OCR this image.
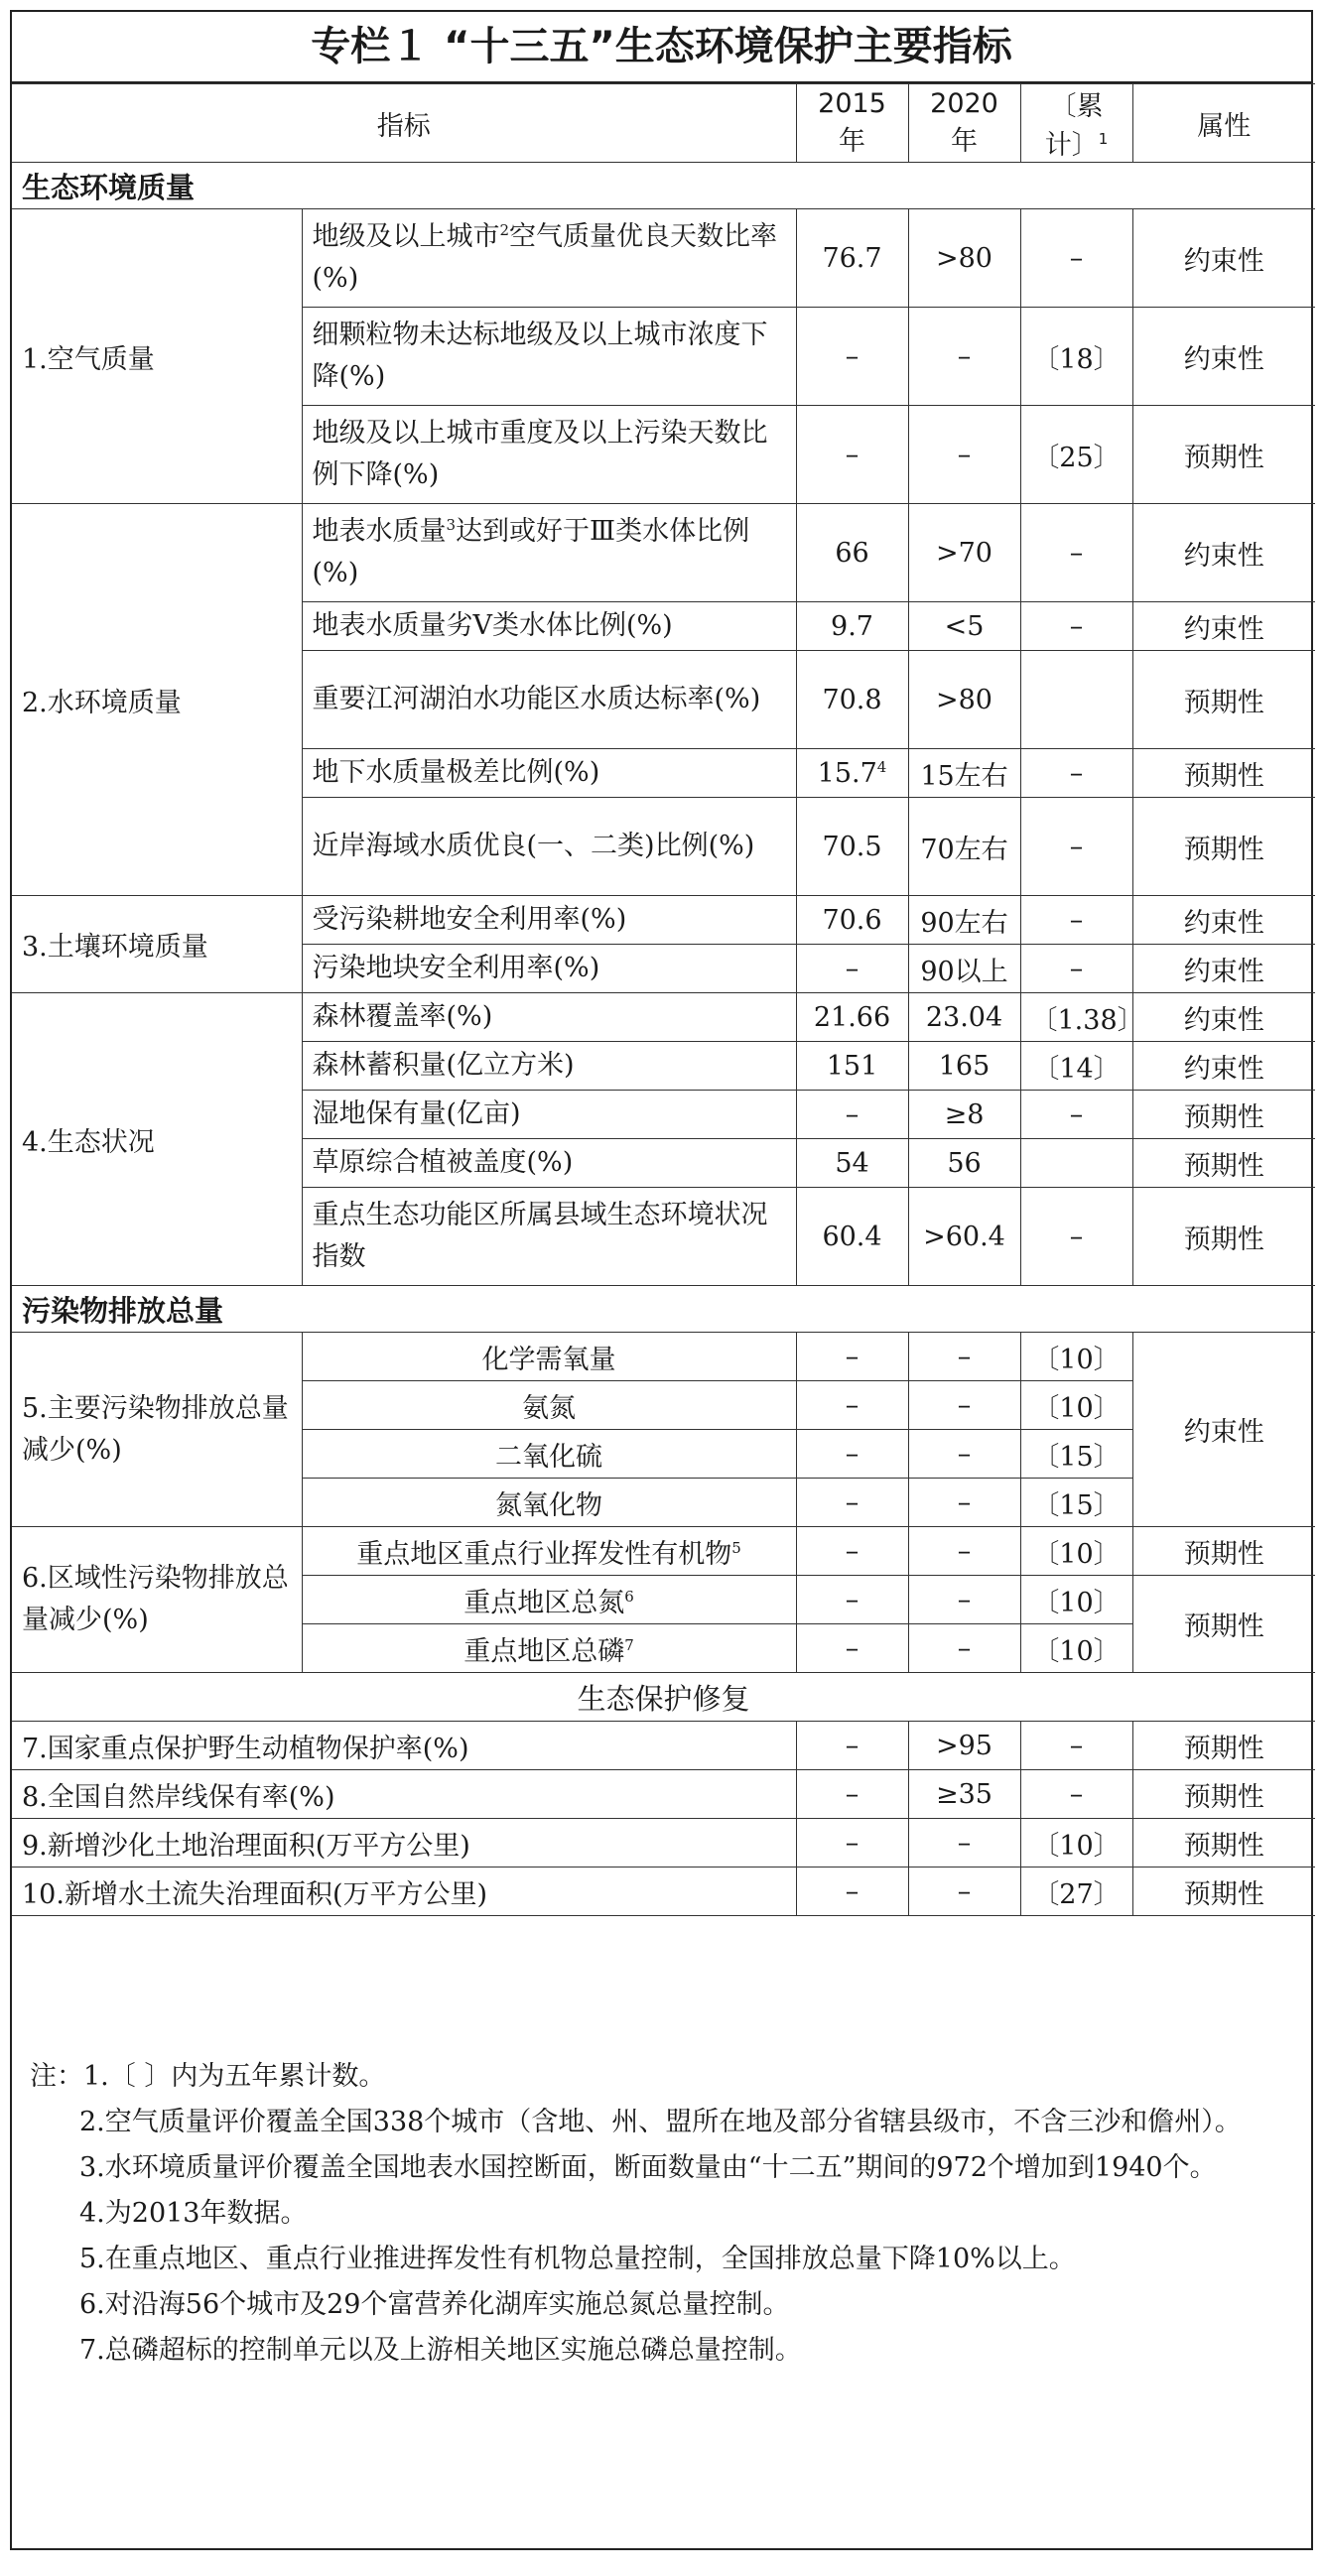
专栏１ “十三五”生态环境保护主要指标
指标		2015年	2020年	〔累计〕$^1$	属性
生态环境质量					
1.空气质量	地级及以上城市$^2$空气质量优良天数比率(%)	76.7	>80	–	约束性
	细颗粒物未达标地级及以上城市浓度下降(%)	–	–	〔18〕	约束性
	地级及以上城市重度及以上污染天数比例下降(%)	–	–	〔25〕	预期性
2.水环境质量	地表水质量$^3$达到或好于Ⅲ类水体比例(%)	66	>70	–	约束性
	地表水质量劣Ⅴ类水体比例(%)	9.7	<5	–	约束性
	重要江河湖泊水功能区水质达标率(%)	70.8	>80		预期性
	地下水质量极差比例(%)	15.7$^4$	15左右	–	预期性
	近岸海域水质优良(一、二类)比例(%)	70.5	70左右	–	预期性
3.土壤环境质量	受污染耕地安全利用率(%)	70.6	90左右	–	约束性
	污染地块安全利用率(%)	–	90以上	–	约束性
4.生态状况	森林覆盖率(%)	21.66	23.04	〔1.38〕	约束性
	森林蓄积量(亿立方米)	151	165	〔14〕	约束性
	湿地保有量(亿亩)	–	≥8	–	预期性
	草原综合植被盖度(%)	54	56		预期性
	重点生态功能区所属县域生态环境状况指数	60.4	>60.4	–	预期性
污染物排放总量					
5.主要污染物排放总量减少(%)	化学需氧量	–	–	〔10〕	约束性
	氨氮	–	–	〔10〕	
	二氧化硫	–	–	〔15〕	
	氮氧化物	–	–	〔15〕	
6.区域性污染物排放总量减少(%)	重点地区重点行业挥发性有机物$^5$	–	–	〔10〕	预期性
	重点地区总氮$^6$	–	–	〔10〕	预期性
	重点地区总磷$^7$	–	–	〔10〕	
生态保护修复					
7.国家重点保护野生动植物保护率(%)		–	>95	–	预期性
8.全国自然岸线保有率(%)		–	≥35	–	预期性
9.新增沙化土地治理面积(万平方公里)		–	–	〔10〕	预期性
10.新增水土流失治理面积(万平方公里)		–	–	〔27〕	预期性

注：1.〔 〕内为五年累计数。

2.空气质量评价覆盖全国338个城市（含地、州、盟所在地及部分省辖县级市，不含三沙和儋州）。

3.水环境质量评价覆盖全国地表水国控断面，断面数量由“十二五”期间的972个增加到1940个。

4.为2013年数据。

5.在重点地区、重点行业推进挥发性有机物总量控制，全国排放总量下降10%以上。

6.对沿海56个城市及29个富营养化湖库实施总氮总量控制。

7.总磷超标的控制单元以及上游相关地区实施总磷总量控制。
